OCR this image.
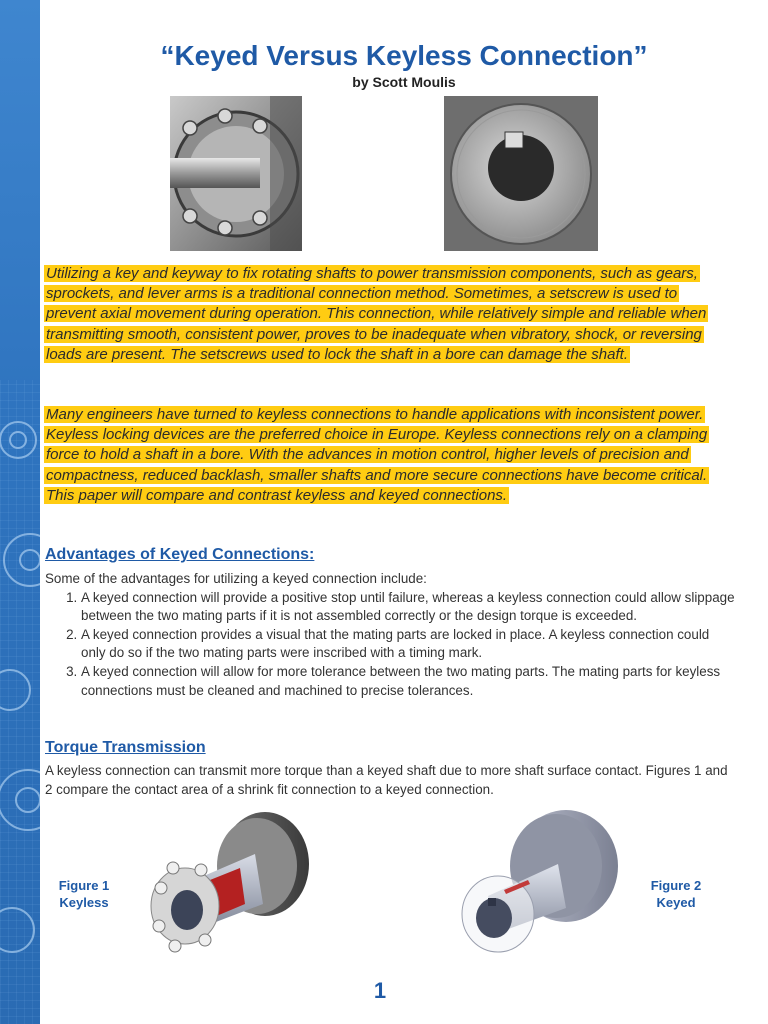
“Keyed Versus Keyless Connection”
by Scott Moulis
Utilizing a key and keyway to fix rotating shafts to power transmission components, such as gears, sprockets, and lever arms is a traditional connection method. Sometimes, a setscrew is used to prevent axial movement during operation. This connection, while relatively simple and reliable when transmitting smooth, consistent power, proves to be inadequate when vibratory, shock, or reversing loads are present. The setscrews used to lock the shaft in a bore can damage the shaft.
Many engineers have turned to keyless connections to handle applications with inconsistent power. Keyless locking devices are the preferred choice in Europe. Keyless connections rely on a clamping force to hold a shaft in a bore. With the advances in motion control, higher levels of precision and compactness, reduced backlash, smaller shafts and more secure connections have become critical. This paper will compare and contrast keyless and keyed connections.
Advantages of Keyed Connections:
Some of the advantages for utilizing a keyed connection include:
1. A keyed connection will provide a positive stop until failure, whereas a keyless connection could allow slippage between the two mating parts if it is not assembled correctly or the design torque is exceeded.
2. A keyed connection provides a visual that the mating parts are locked in place. A keyless connection could only do so if the two mating parts were inscribed with a timing mark.
3. A keyed connection will allow for more tolerance between the two mating parts. The mating parts for keyless connections must be cleaned and machined to precise tolerances.
Torque Transmission
A keyless connection can transmit more torque than a keyed shaft due to more shaft surface contact. Figures 1 and 2 compare the contact area of a shrink fit connection to a keyed connection.
Figure 1
Keyless
Figure 2
Keyed
1
